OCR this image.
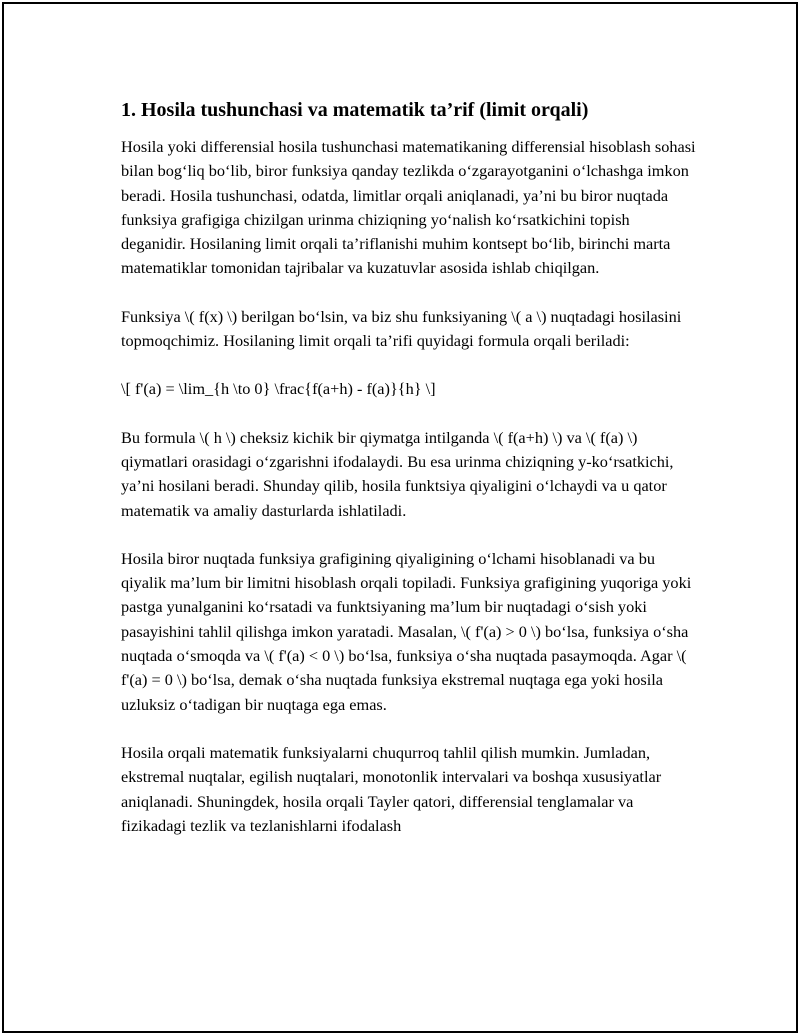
1. Hosila tushunchasi va matematik ta’rif (limit orqali)

Hosila yoki differensial hosila tushunchasi matematikaning differensial hisoblash sohasi bilan bog‘liq bo‘lib, biror funksiya qanday tezlikda o‘zgarayotganini o‘lchashga imkon beradi. Hosila tushunchasi, odatda, limitlar orqali aniqlanadi, ya’ni bu biror nuqtada funksiya grafigiga chizilgan urinma chiziqning yo‘nalish ko‘rsatkichini topish deganidir. Hosilaning limit orqali ta’riflanishi muhim kontsept bo‘lib, birinchi marta matematiklar tomonidan tajribalar va kuzatuvlar asosida ishlab chiqilgan.

Funksiya \( f(x) \) berilgan bo‘lsin, va biz shu funksiyaning \( a \) nuqtadagi hosilasini topmoqchimiz. Hosilaning limit orqali ta’rifi quyidagi formula orqali beriladi:

\[ f'(a) = \lim_{h \to 0} \frac{f(a+h) - f(a)}{h} \]

Bu formula \( h \) cheksiz kichik bir qiymatga intilganda \( f(a+h) \) va \( f(a) \) qiymatlari orasidagi o‘zgarishni ifodalaydi. Bu esa urinma chiziqning y-ko‘rsatkichi, ya’ni hosilani beradi. Shunday qilib, hosila funktsiya qiyaligini o‘lchaydi va u qator matematik va amaliy dasturlarda ishlatiladi.

Hosila biror nuqtada funksiya grafigining qiyaligining o‘lchami hisoblanadi va bu qiyalik ma’lum bir limitni hisoblash orqali topiladi. Funksiya grafigining yuqoriga yoki pastga yunalganini ko‘rsatadi va funktsiyaning ma’lum bir nuqtadagi o‘sish yoki pasayishini tahlil qilishga imkon yaratadi. Masalan, \( f'(a) > 0 \) bo‘lsa, funksiya o‘sha nuqtada o‘smoqda va \( f'(a) < 0 \) bo‘lsa, funksiya o‘sha nuqtada pasaymoqda. Agar \( f'(a) = 0 \) bo‘lsa, demak o‘sha nuqtada funksiya ekstremal nuqtaga ega yoki hosila uzluksiz o‘tadigan bir nuqtaga ega emas.

Hosila orqali matematik funksiyalarni chuqurroq tahlil qilish mumkin. Jumladan, ekstremal nuqtalar, egilish nuqtalari, monotonlik intervalari va boshqa xususiyatlar aniqlanadi. Shuningdek, hosila orqali Tayler qatori, differensial tenglamalar va fizikadagi tezlik va tezlanishlarni ifodalash
